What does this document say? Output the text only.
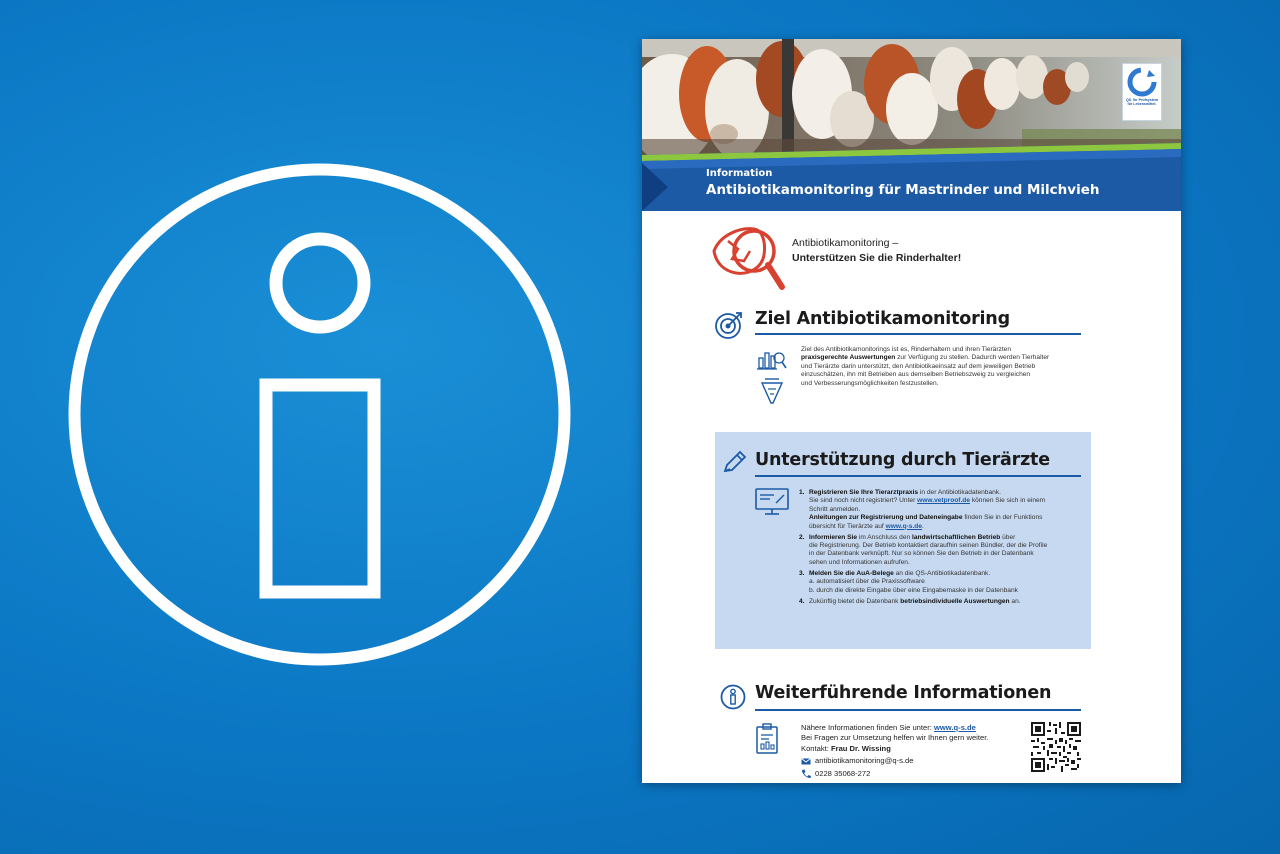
QS. Ihr Prüfsystem für Lebensmittel.
Information
Antibiotikamonitoring für Mastrinder und Milchvieh
Antibiotikamonitoring –
Unterstützen Sie die Rinderhalter!
Ziel Antibiotikamonitoring
Ziel des Antibiotikamonitorings ist es, Rinderhaltern und ihren Tierärzten
praxisgerechte Auswertungen zur Verfügung zu stellen. Dadurch werden Tierhalter
und Tierärzte darin unterstützt, den Antibiotikaeinsatz auf dem jeweiligen Betrieb
einzuschätzen, ihn mit Betrieben aus demselben Betriebszweig zu vergleichen
und Verbesserungsmöglichkeiten festzustellen.
Unterstützung durch Tierärzte
1. Registrieren Sie Ihre Tierarztpraxis in der Antibiotikadatenbank.
Sie sind noch nicht registriert? Unter www.vetproof.de können Sie sich in einem
Schritt anmelden.
Anleitungen zur Registrierung und Dateneingabe finden Sie in der Funktions
übersicht für Tierärzte auf www.q-s.de.
2. Informieren Sie im Anschluss den landwirtschaftlichen Betrieb über
die Registrierung. Der Betrieb kontaktiert daraufhin seinen Bündler, der die Profile
in der Datenbank verknüpft. Nur so können Sie den Betrieb in der Datenbank
sehen und Informationen aufrufen.
3. Melden Sie die AuA-Belege an die QS-Antibiotikadatenbank.
a. automatisiert über die Praxissoftware
b. durch die direkte Eingabe über eine Eingabemaske in der Datenbank
4. Zukünftig bietet die Datenbank betriebsindividuelle Auswertungen an.
Weiterführende Informationen
Nähere Informationen finden Sie unter: www.q-s.de
Bei Fragen zur Umsetzung helfen wir Ihnen gern weiter.
Kontakt: Frau Dr. Wissing
antibiotikamonitoring@q-s.de
0228 35068-272
